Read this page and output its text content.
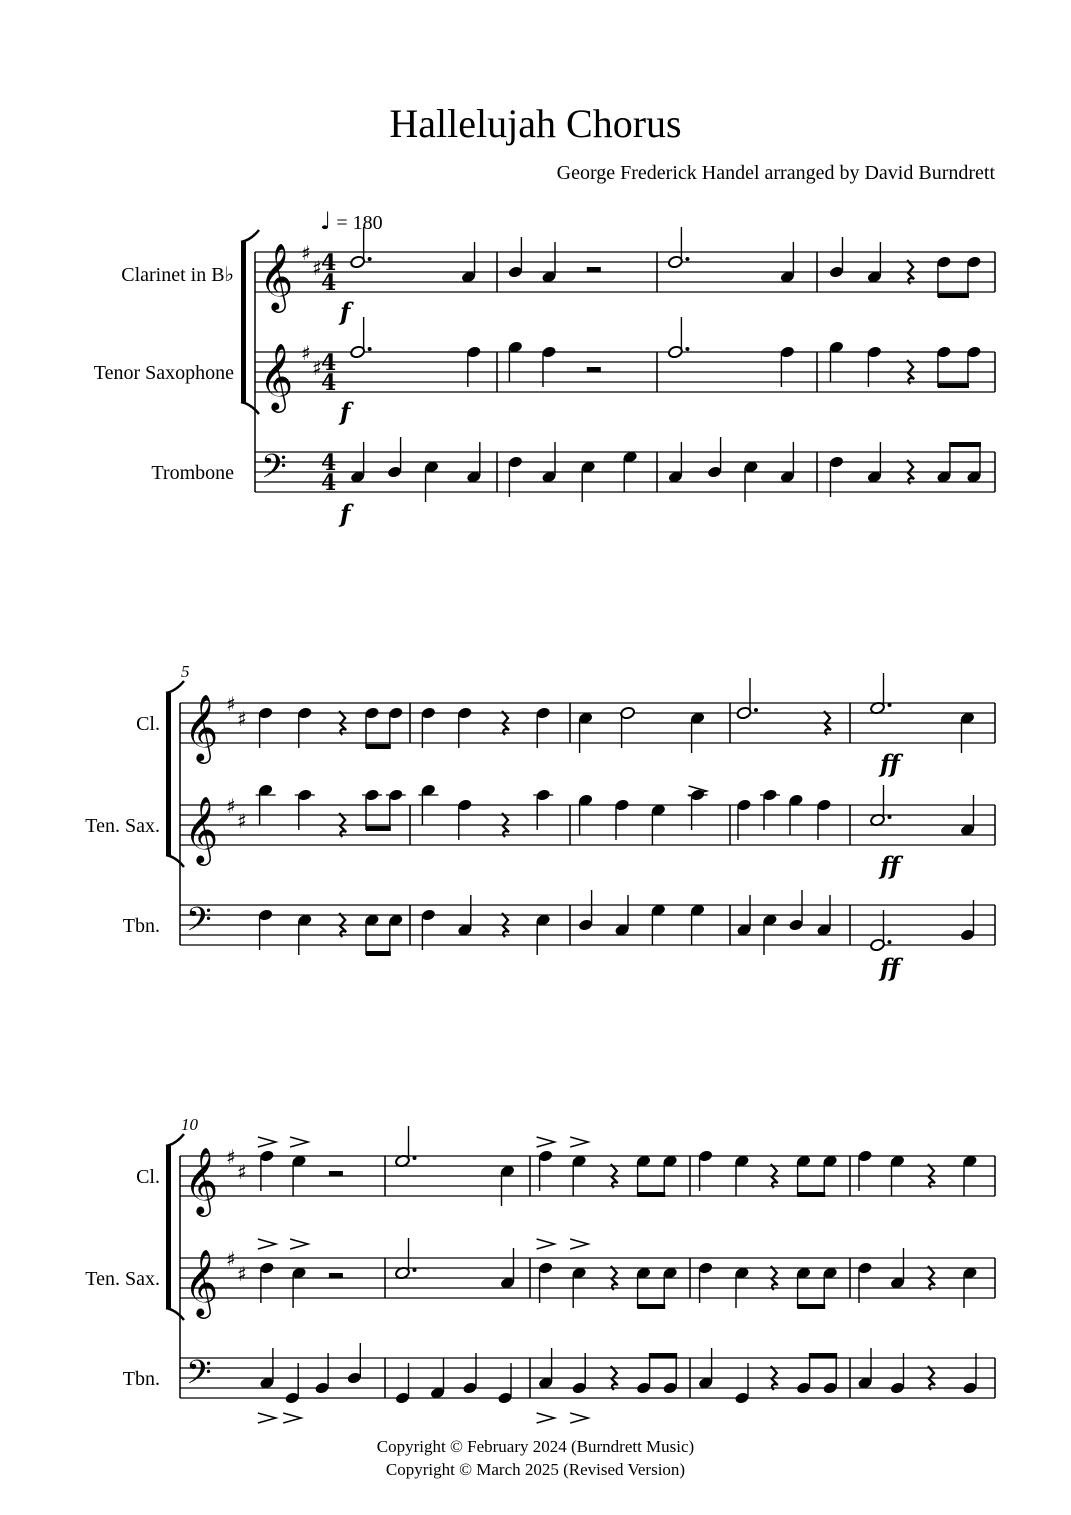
Hallelujah Chorus
George Frederick Handel arranged by David Burndrett
♩ = 180
Clarinet in B♭
Tenor Saxophone
Trombone
5
Cl.
Ten. Sax.
Tbn.
10
Cl.
Ten. Sax.
Tbn.
Copyright © February 2024 (Burndrett Music)
Copyright © March 2025 (Revised Version)
𝄞 ♯
♯ 4
4
𝄞 ♯
♯ 4
4
𝄢 4
4
𝄞 ♯
♯
𝄞 ♯
♯
𝄢
𝄞 ♯
♯
𝄞 ♯
♯
𝄢
f
f
f
ff
ff
ff
